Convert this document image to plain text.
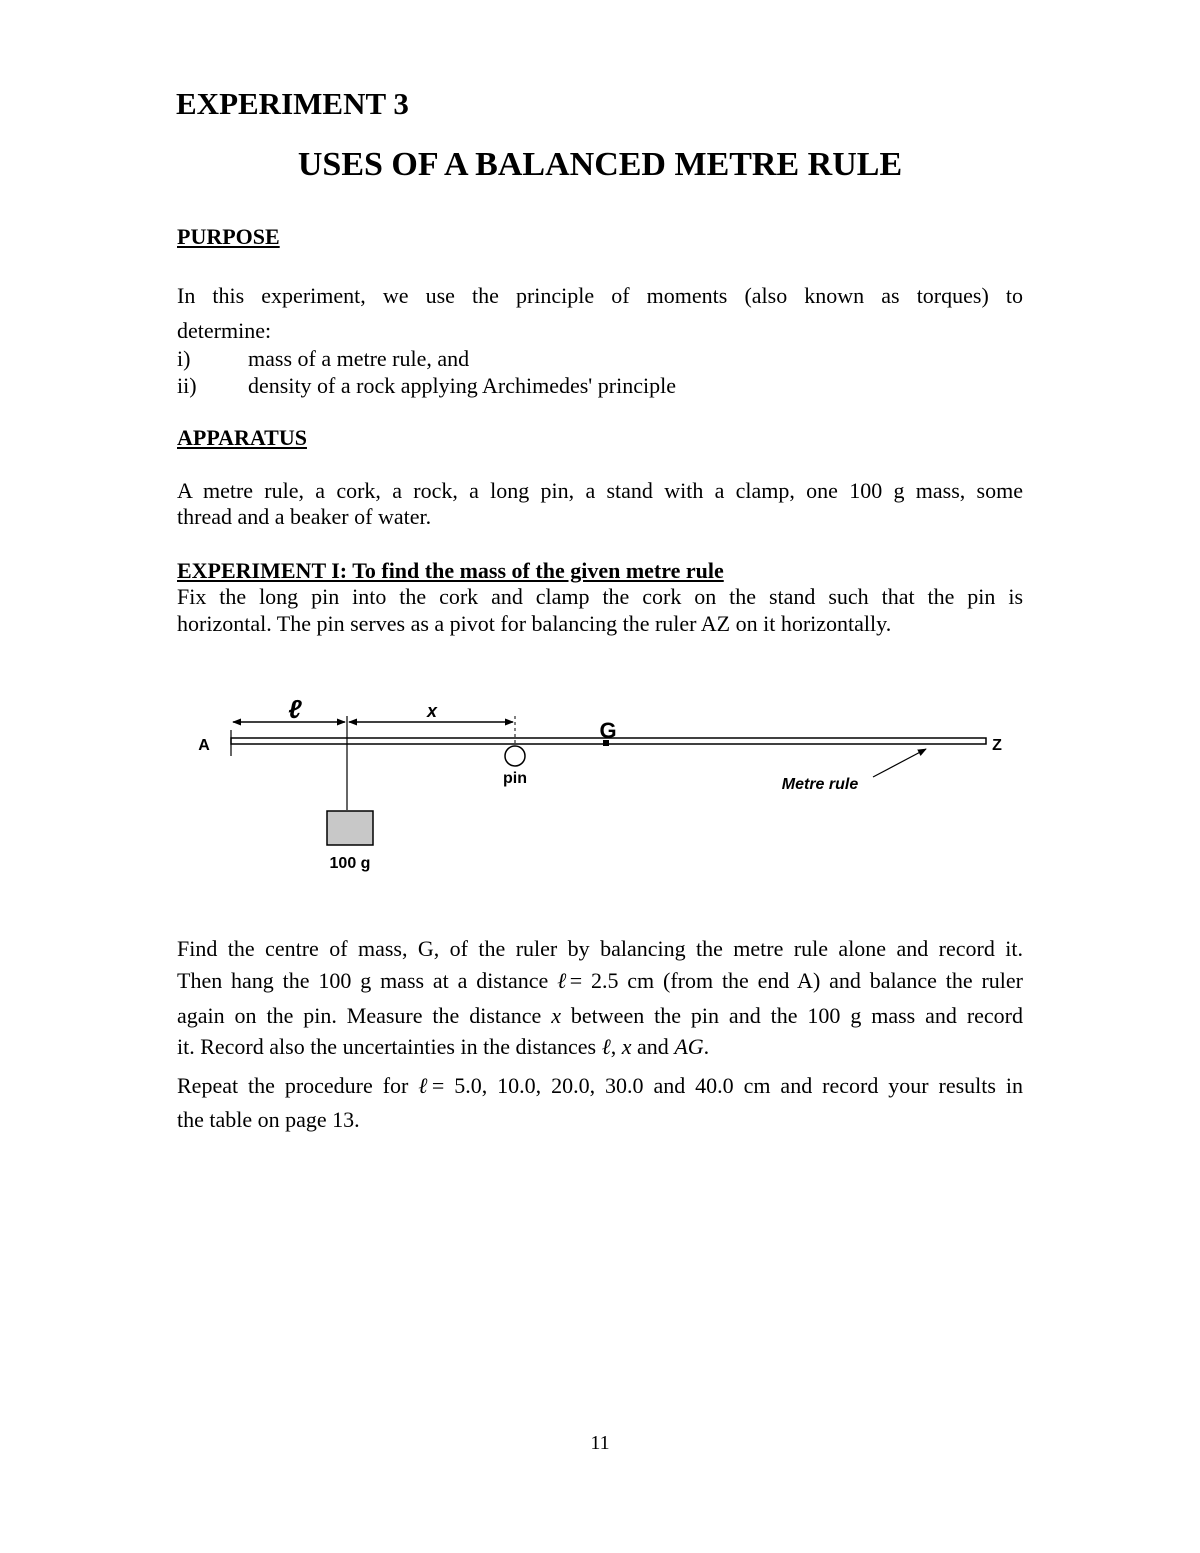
EXPERIMENT 3
USES OF A BALANCED METRE RULE
PURPOSE
In this experiment, we use the principle of moments (also known as torques) to
determine:
i)	mass of a metre rule, and
ii) density of a rock applying Archimedes' principle
APPARATUS
A metre rule, a cork, a rock, a long pin, a stand with a clamp, one 100 g mass, some
thread and a beaker of water.
EXPERIMENT I: To find the mass of the given metre rule
Fix the long pin into the cork and clamp the cork on the stand such that the pin is
horizontal. The pin serves as a pivot for balancing the ruler AZ on it horizontally.
ℓ	x
pin
G
A	Z
Metre rule
100 g
Find the centre of mass, G, of the ruler by balancing the metre rule alone and record it.
Then hang the 100 g mass at a distance ℓ= 2.5 cm (from the end A) and balance the ruler
again on the pin. Measure the distance x between the pin and the 100 g mass and record
it. Record also the uncertainties in the distances ℓ, x and AG.
Repeat the procedure for ℓ= 5.0, 10.0, 20.0, 30.0 and 40.0 cm and record your results in
the table on page 13.
11
